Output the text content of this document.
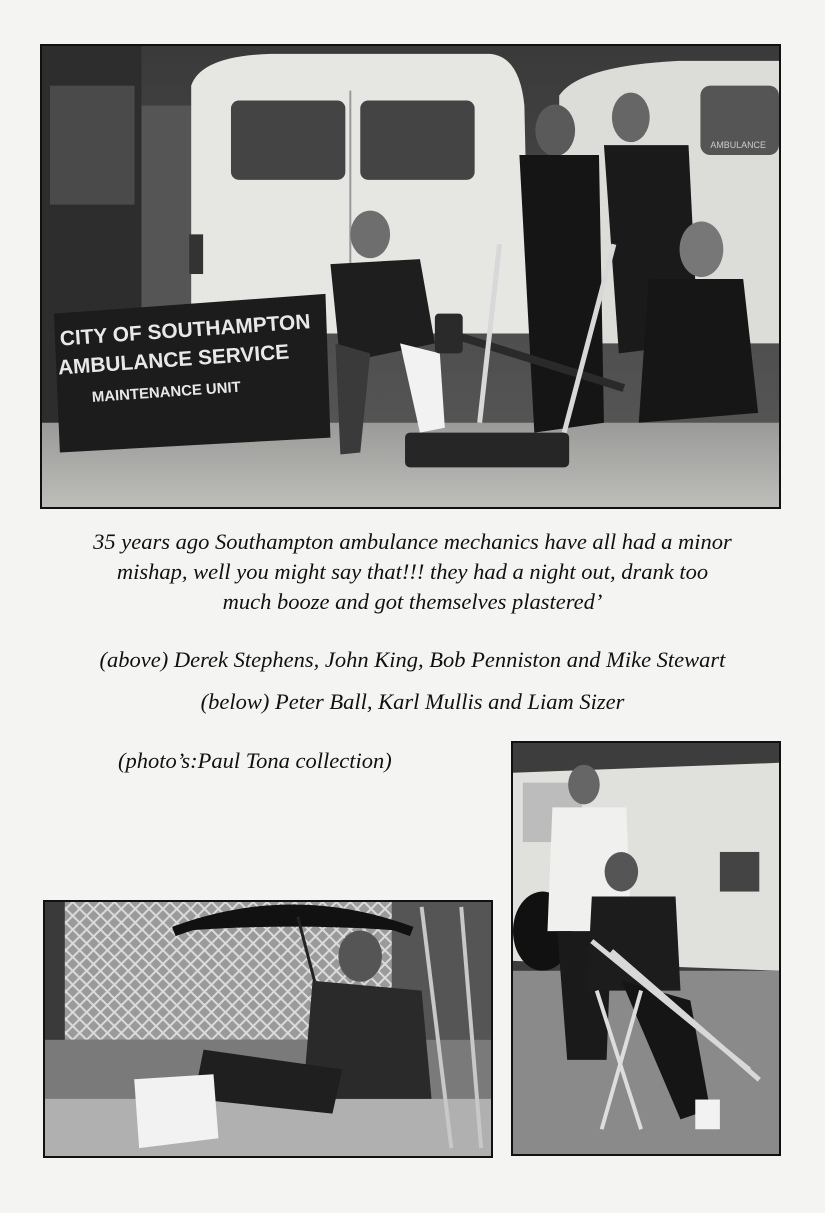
AMBULANCE
CITY OF SOUTHAMPTON AMBULANCE SERVICE MAINTENANCE UNIT

35 years ago Southampton ambulance mechanics have all had a minor

mishap, well you might say that!!! they had a night out, drank too

much booze and got themselves plastered’

(above) Derek Stephens, John King, Bob Penniston and Mike Stewart

(below) Peter Ball, Karl Mullis and Liam Sizer

(photo’s:Paul Tona collection)
